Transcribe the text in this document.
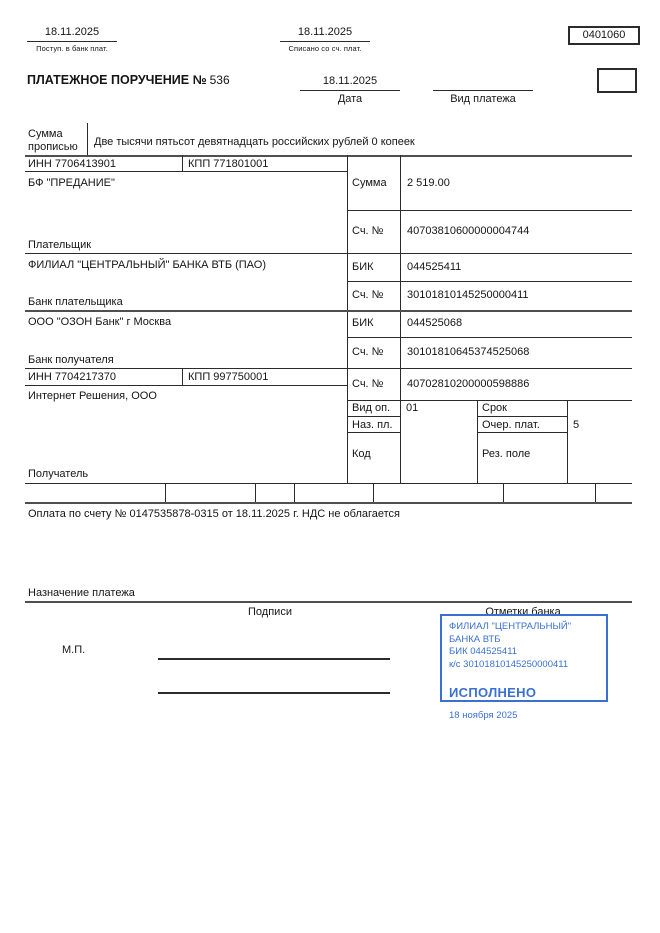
18.11.2025
Поступ. в банк плат.
18.11.2025
Списано со сч. плат.
0401060
ПЛАТЕЖНОЕ ПОРУЧЕНИЕ № 536	18.11.2025
Дата	Вид платежа
Сумма
прописью Две тысячи пятьсот девятнадцать российских рублей 0 копеек
ИНН 7706413901	КПП 771801001
БФ "ПРЕДАНИЕ"
Плательщик
Сумма 2 519.00
Сч. № 40703810600000004744
ФИЛИАЛ "ЦЕНТРАЛЬНЫЙ" БАНКА ВТБ (ПАО)
Банк плательщика
БИК	044525411
Сч. № 30101810145250000411
ООО "ОЗОН Банк" г Москва
Банк получателя
БИК	044525068
Сч. № 30101810645374525068
ИНН 7704217370	КПП 997750001
Интернет Решения, ООО
Получатель
Сч. № 40702810200000598886
Вид оп. 01	Срок
Наз. пл.	Очер. плат.	5
Код	Рез. поле
Оплата по счету № 0147535878-0315 от 18.11.2025 г. НДС не облагается
Назначение платежа
Подписи	Отметки банка
М.П.
ФИЛИАЛ "ЦЕНТРАЛЬНЫЙ" БАНКА ВТБ
БИК 044525411
к/с 30101810145250000411
ИСПОЛНЕНО
18 ноября 2025
